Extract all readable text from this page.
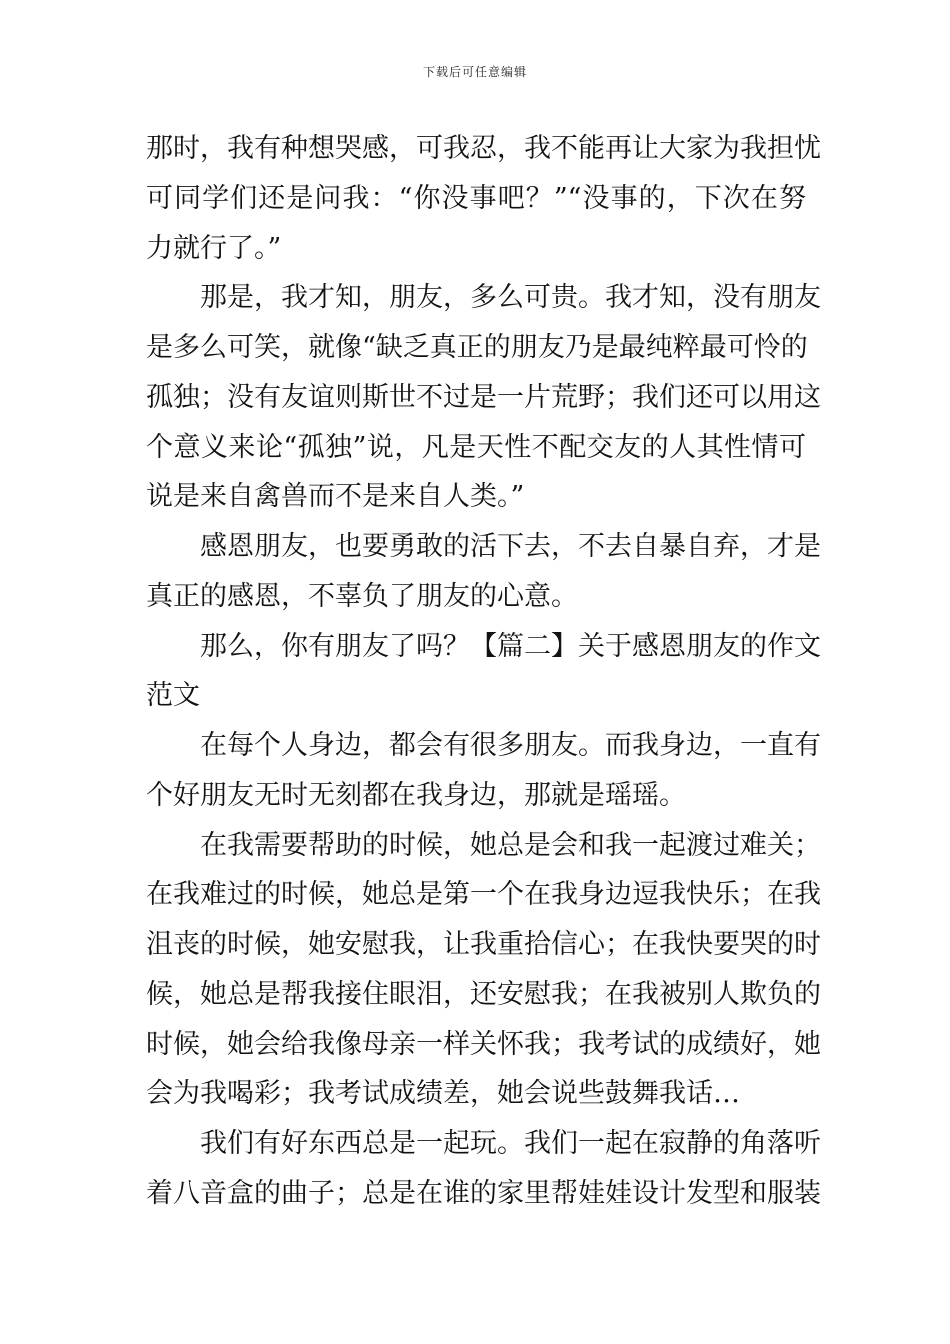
下载后可任意编辑
那时，我有种想哭感，可我忍，我不能再让大家为我担忧
可同学们还是问我：“你没事吧？”“没事的，下次在努
力就行了。”
那是，我才知，朋友，多么可贵。我才知，没有朋友
是多么可笑，就像“缺乏真正的朋友乃是最纯粹最可怜的
孤独；没有友谊则斯世不过是一片荒野；我们还可以用这
个意义来论“孤独”说，凡是天性不配交友的人其性情可
说是来自禽兽而不是来自人类。”
感恩朋友，也要勇敢的活下去，不去自暴自弃，才是
真正的感恩，不辜负了朋友的心意。
那么，你有朋友了吗？【篇二】关于感恩朋友的作文
范文
在每个人身边，都会有很多朋友。而我身边，一直有
个好朋友无时无刻都在我身边，那就是瑶瑶。
在我需要帮助的时候，她总是会和我一起渡过难关；
在我难过的时候，她总是第一个在我身边逗我快乐；在我
沮丧的时候，她安慰我，让我重拾信心；在我快要哭的时
候，她总是帮我接住眼泪，还安慰我；在我被别人欺负的
时候，她会给我像母亲一样关怀我；我考试的成绩好，她
会为我喝彩；我考试成绩差，她会说些鼓舞我话…
我们有好东西总是一起玩。我们一起在寂静的角落听
着八音盒的曲子；总是在谁的家里帮娃娃设计发型和服装
